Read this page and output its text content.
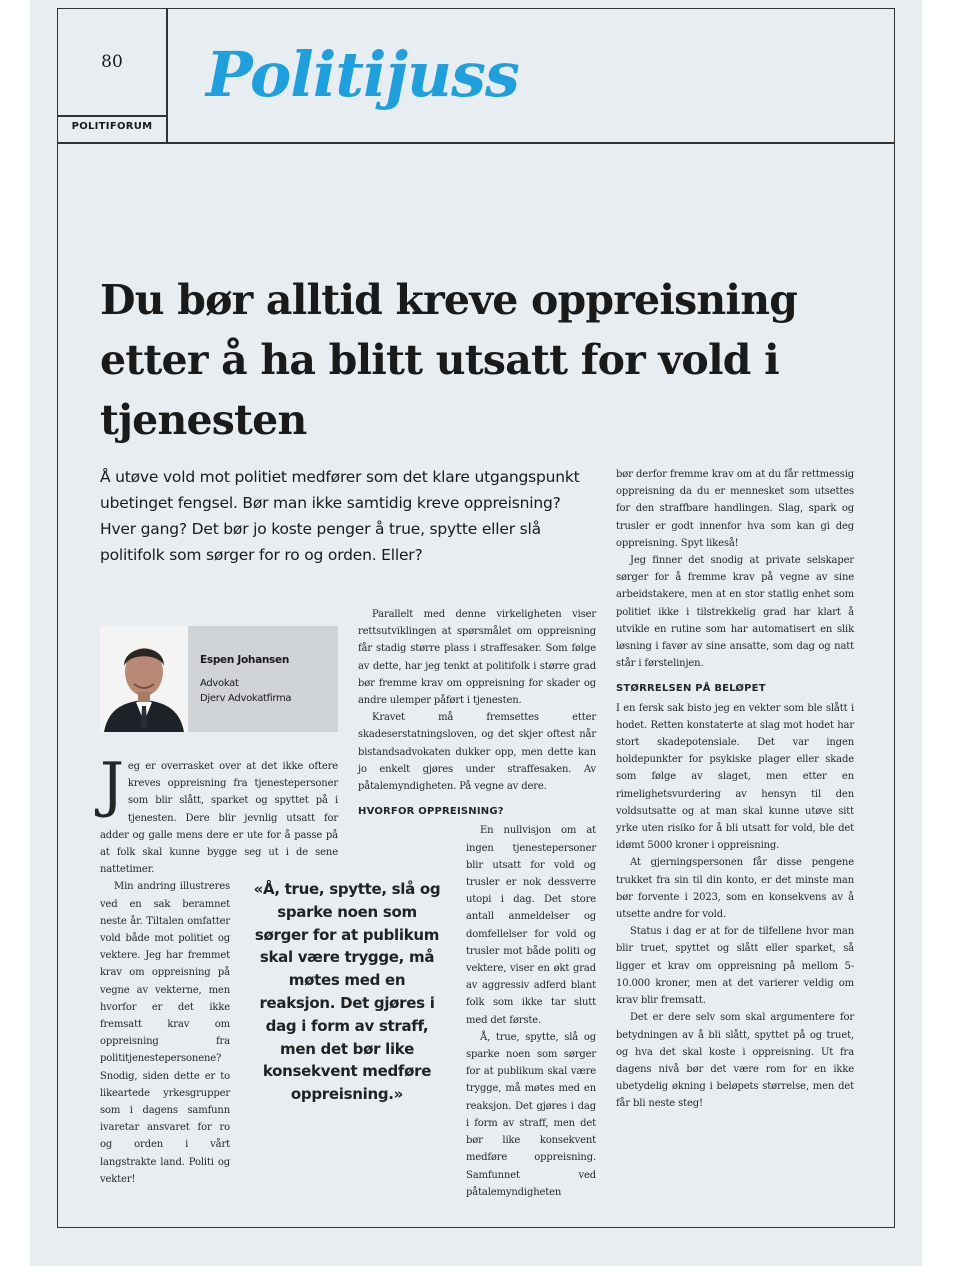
80
POLITIFORUM
Politijuss
Du bør alltid kreve oppreisning etter å ha blitt utsatt for vold i tjenesten

Å utøve vold mot politiet medfører som det klare utgangspunkt ubetinget fengsel. Bør man ikke samtidig kreve oppreisning? Hver gang? Det bør jo koste penger å true, spytte eller slå politifolk som sørger for ro og orden. Eller?

Espen Johansen
Advokat
Djerv Advokatfirma

Jeg er overrasket over at det ikke oftere kreves oppreisning fra tjenestepersoner som blir slått, sparket og spyttet på i tjenesten. Dere blir jevnlig utsatt for adder og galle mens dere er ute for å passe på at folk skal kunne bygge seg ut i de sene nattetimer.

Min andring illustreres ved en sak beramnet neste år. Tiltalen omfatter vold både mot politiet og vektere. Jeg har fremmet krav om oppreisning på vegne av vekterne, men hvorfor er det ikke fremsatt krav om oppreisning fra polititjenestepersonene? Snodig, siden dette er to likeartede yrkesgrupper som i dagens samfunn ivaretar ansvaret for ro og orden i vårt langstrakte land. Politi og vekter!

Parallelt med denne virkeligheten viser rettsutviklingen at spørsmålet om oppreisning får stadig større plass i straffesaker. Som følge av dette, har jeg tenkt at politifolk i større grad bør fremme krav om oppreisning for skader og andre ulemper påført i tjenesten.

Kravet må fremsettes etter skadeserstatningsloven, og det skjer oftest når bistandsadvokaten dukker opp, men dette kan jo enkelt gjøres under straffesaken. Av påtalemyndigheten. På vegne av dere.

HVORFOR OPPREISNING?

En nullvisjon om at ingen tjenestepersoner blir utsatt for vold og trusler er nok dessverre utopi i dag. Det store antall anmeldelser og domfellelser for vold og trusler mot både politi og vektere, viser en økt grad av aggressiv adferd blant folk som ikke tar slutt med det første.

Å, true, spytte, slå og sparke noen som sørger for at publikum skal være trygge, må møtes med en reaksjon. Det gjøres i dag i form av straff, men det bør like konsekvent medføre oppreisning. Samfunnet ved påtalemyndigheten

bør derfor fremme krav om at du får rettmessig oppreisning da du er mennesket som utsettes for den straffbare handlingen. Slag, spark og trusler er godt innenfor hva som kan gi deg oppreisning. Spyt likeså!

Jeg finner det snodig at private selskaper sørger for å fremme krav på vegne av sine arbeidstakere, men at en stor statlig enhet som politiet ikke i tilstrekkelig grad har klart å utvikle en rutine som har automatisert en slik løsning i favør av sine ansatte, som dag og natt står i førstelinjen.

STØRRELSEN PÅ BELØPET

I en fersk sak bisto jeg en vekter som ble slått i hodet. Retten konstaterte at slag mot hodet har stort skadepotensiale. Det var ingen holdepunkter for psykiske plager eller skade som følge av slaget, men etter en rimelighetsvurdering av hensyn til den voldsutsatte og at man skal kunne utøve sitt yrke uten risiko for å bli utsatt for vold, ble det idømt 5000 kroner i oppreisning.

At gjerningspersonen får disse pengene trukket fra sin til din konto, er det minste man bør forvente i 2023, som en konsekvens av å utsette andre for vold.

Status i dag er at for de tilfellene hvor man blir truet, spyttet og slått eller sparket, så ligger et krav om oppreisning på mellom 5-10.000 kroner, men at det varierer veldig om krav blir fremsatt.

Det er dere selv som skal argumentere for betydningen av å bli slått, spyttet på og truet, og hva det skal koste i oppreisning. Ut fra dagens nivå bør det være rom for en ikke ubetydelig økning i beløpets størrelse, men det får bli neste steg!

«Å, true, spytte, slå og sparke noen som sørger for at publikum skal være trygge, må møtes med en reaksjon. Det gjøres i dag i form av straff, men det bør like konsekvent medføre oppreisning.»
